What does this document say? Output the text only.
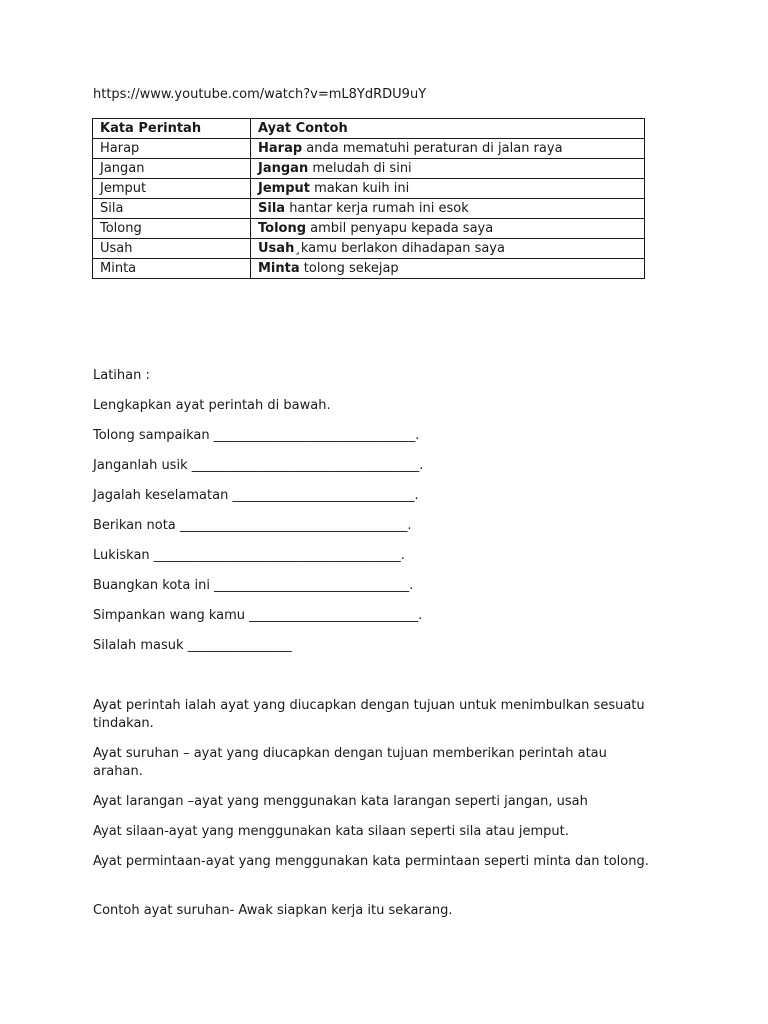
https://www.youtube.com/watch?v=mL8YdRDU9uY
Kata Perintah	Ayat Contoh
Harap	Harap anda mematuhi peraturan di jalan raya
Jangan	Jangan meludah di sini
Jemput	Jemput makan kuih ini
Sila	Sila hantar kerja rumah ini esok
Tolong	Tolong ambil penyapu kepada saya
Usah	Usah¸kamu berlakon dihadapan saya
Minta	Minta tolong sekejap
Latihan :
Lengkapkan ayat perintah di bawah.
Tolong sampaikan _______________________________.
Janganlah usik ___________________________________.
Jagalah keselamatan ____________________________.
Berikan nota ___________________________________.
Lukiskan ______________________________________.
Buangkan kota ini ______________________________.
Simpankan wang kamu __________________________.
Silalah masuk ________________
Ayat perintah ialah ayat yang diucapkan dengan tujuan untuk menimbulkan sesuatu tindakan.
Ayat suruhan – ayat yang diucapkan dengan tujuan memberikan perintah atau arahan.
Ayat larangan –ayat yang menggunakan kata larangan seperti jangan, usah
Ayat silaan-ayat yang menggunakan kata silaan seperti sila atau jemput.
Ayat permintaan-ayat yang menggunakan kata permintaan seperti minta dan tolong.
Contoh ayat suruhan- Awak siapkan kerja itu sekarang.
